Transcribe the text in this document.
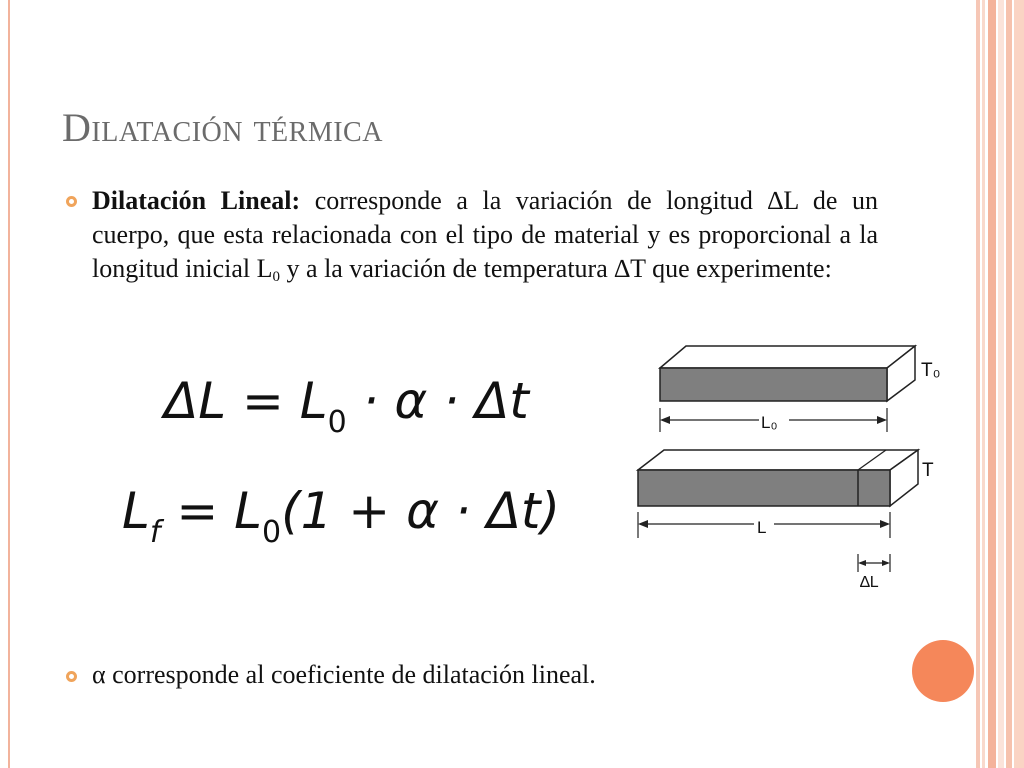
Dilatación térmica
Dilatación Lineal: corresponde a la variación de longitud ∆L de un cuerpo, que esta relacionada con el tipo de material y es proporcional a la longitud inicial $L_0$ y a la variación de temperatura ∆T que experimente:
$\Delta L = L_0 \cdot \alpha \cdot \Delta t$
$L_f = L_0(1 + \alpha \cdot \Delta t)$
T₀
L₀
T
L
∆L
α corresponde al coeficiente de dilatación lineal.
